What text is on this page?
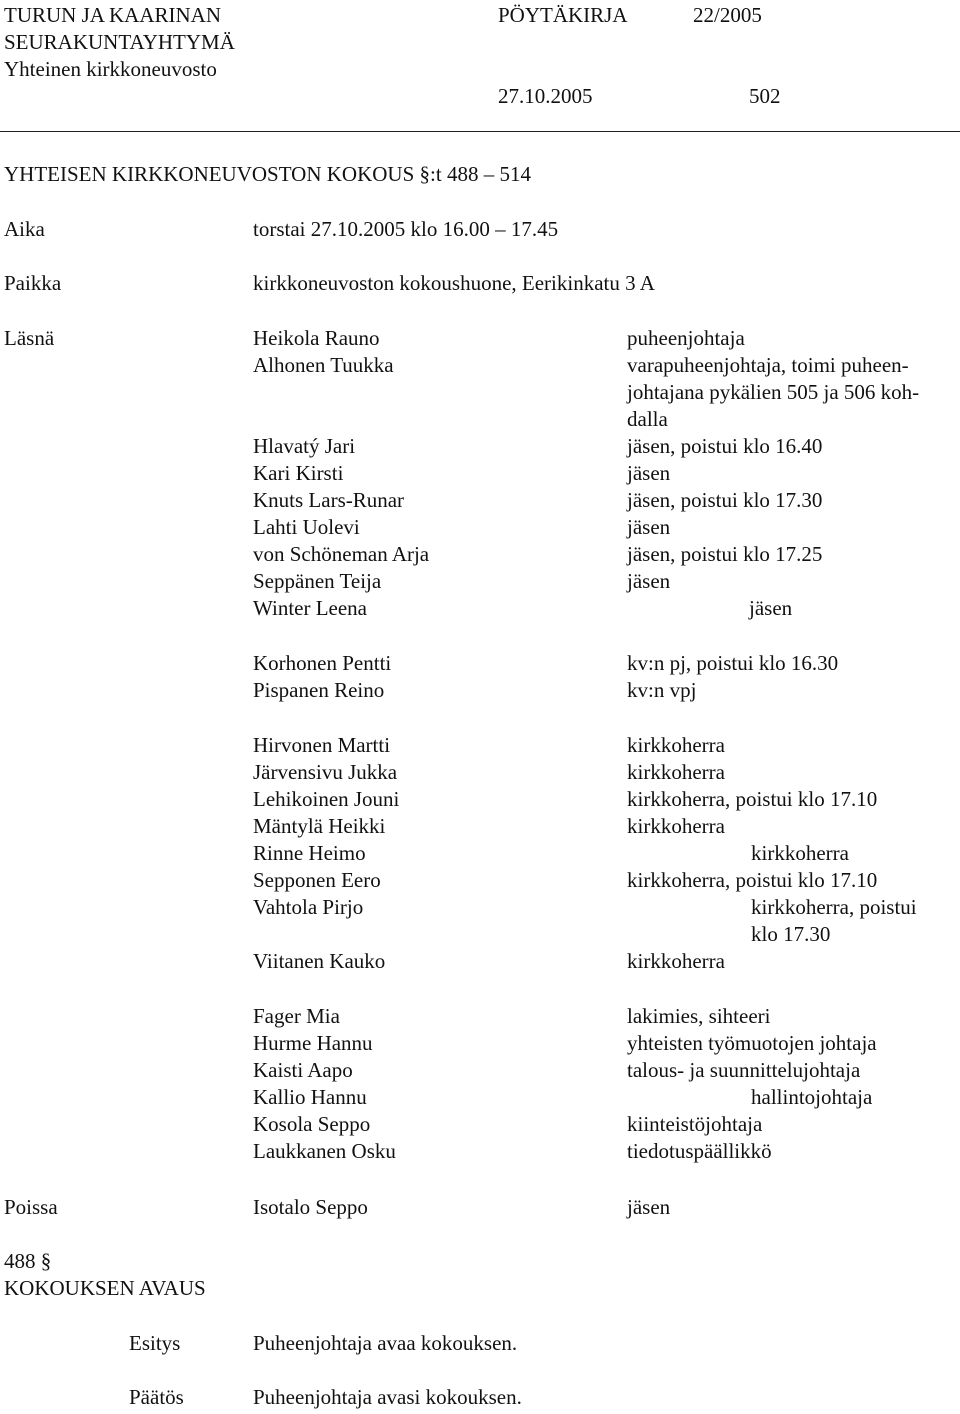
TURUN JA KAARINAN
SEURAKUNTAYHTYMÄ
Yhteinen kirkkoneuvosto
PÖYTÄKIRJA	22/2005
27.10.2005	502
YHTEISEN KIRKKONEUVOSTON KOKOUS §:t 488 – 514
Aika	torstai 27.10.2005 klo 16.00 – 17.45
Paikka	kirkkoneuvoston kokoushuone, Eerikinkatu 3 A
Läsnä	Heikola Rauno	puheenjohtaja
Alhonen Tuukka	varapuheenjohtaja, toimi puheen-
johtajana pykälien 505 ja 506 koh-
dalla
Hlavatý Jari	jäsen, poistui klo 16.40
Kari Kirsti	jäsen
Knuts Lars-Runar	jäsen, poistui klo 17.30
Lahti Uolevi	jäsen
von Schöneman Arja	jäsen, poistui klo 17.25
Seppänen Teija	jäsen
Winter Leena	jäsen
Korhonen Pentti	kv:n pj, poistui klo 16.30
Pispanen Reino	kv:n vpj
Hirvonen Martti	kirkkoherra
Järvensivu Jukka	kirkkoherra
Lehikoinen Jouni	kirkkoherra, poistui klo 17.10
Mäntylä Heikki	kirkkoherra
Rinne Heimo	kirkkoherra
Sepponen Eero	kirkkoherra, poistui klo 17.10
Vahtola Pirjo	kirkkoherra, poistui
klo 17.30
Viitanen Kauko	kirkkoherra
Fager Mia	lakimies, sihteeri
Hurme Hannu	yhteisten työmuotojen johtaja
Kaisti Aapo	talous- ja suunnittelujohtaja
Kallio Hannu	hallintojohtaja
Kosola Seppo	kiinteistöjohtaja
Laukkanen Osku	tiedotuspäällikkö
Poissa	Isotalo Seppo	jäsen
488 §
KOKOUKSEN AVAUS
Esitys	Puheenjohtaja avaa kokouksen.
Päätös	Puheenjohtaja avasi kokouksen.
